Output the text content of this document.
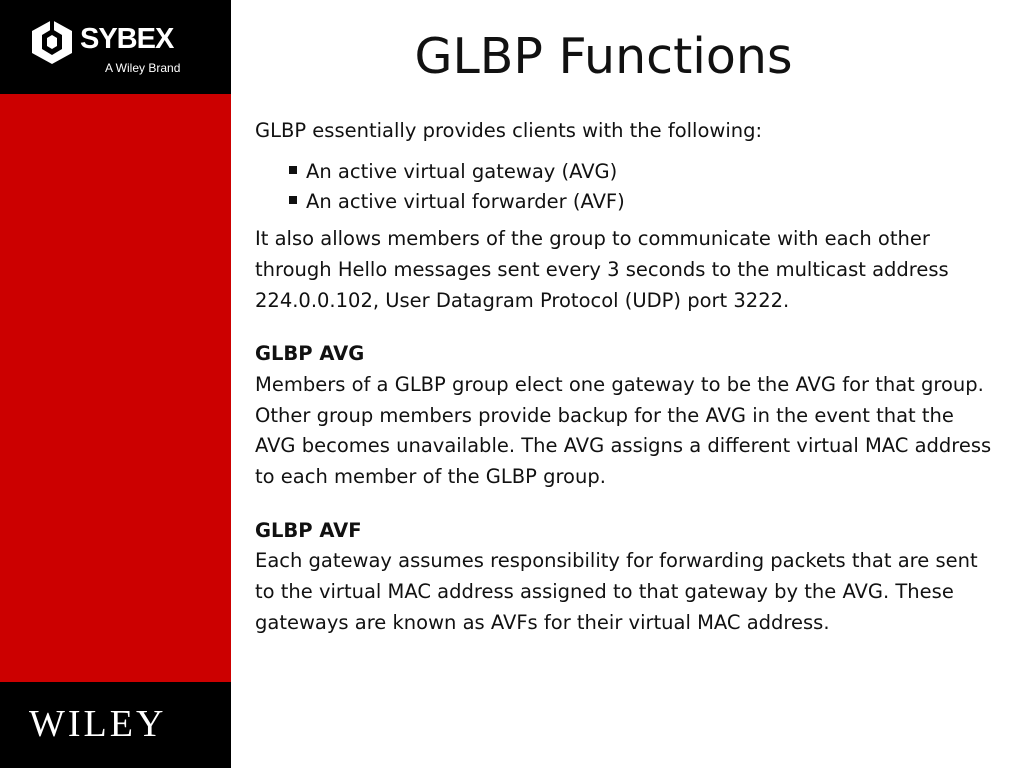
SYBEX
A Wiley Brand
WILEY
GLBP Functions

GLBP essentially provides clients with the following:

An active virtual gateway (AVG)
An active virtual forwarder (AVF)

It also allows members of the group to communicate with each other through Hello messages sent every 3 seconds to the multicast address 224.0.0.102, User Datagram Protocol (UDP) port 3222.

GLBP AVG

Members of a GLBP group elect one gateway to be the AVG for that group. Other group members provide backup for the AVG in the event that the AVG becomes unavailable. The AVG assigns a different virtual MAC address to each member of the GLBP group.

GLBP AVF

Each gateway assumes responsibility for forwarding packets that are sent to the virtual MAC address assigned to that gateway by the AVG. These gateways are known as AVFs for their virtual MAC address.
